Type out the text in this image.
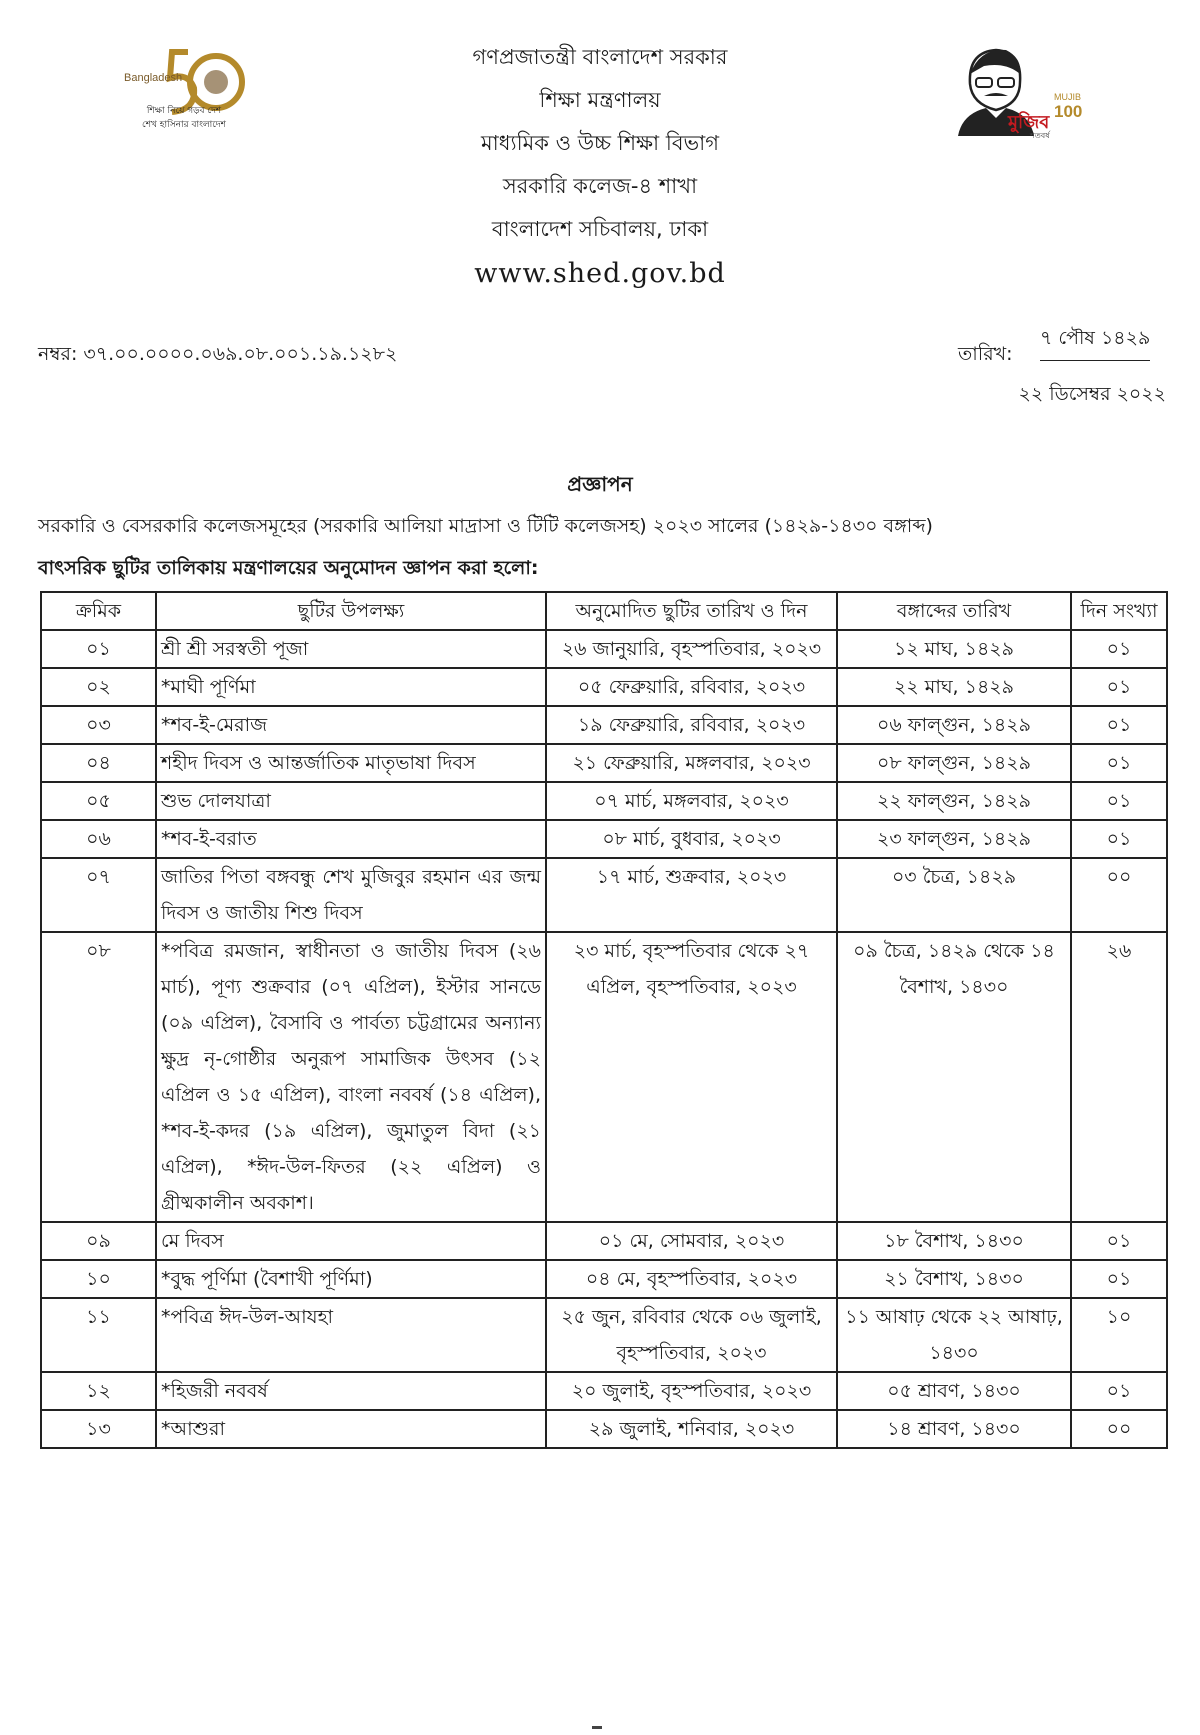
Bangladesh
শিক্ষা নিয়ে গড়ব দেশ
শেখ হাসিনার বাংলাদেশ
MUJIB
মুজিব
100
শতবর্ষ
গণপ্রজাতন্ত্রী বাংলাদেশ সরকার
শিক্ষা মন্ত্রণালয়
মাধ্যমিক ও উচ্চ শিক্ষা বিভাগ
সরকারি কলেজ-৪ শাখা
বাংলাদেশ সচিবালয়, ঢাকা
www.shed.gov.bd
নম্বর: ৩৭.০০.০০০০.০৬৯.০৮.০০১.১৯.১২৮২	তারিখ:
৭ পৌষ ১৪২৯
২২ ডিসেম্বর ২০২২
প্রজ্ঞাপন
সরকারি ও বেসরকারি কলেজসমূহের (সরকারি আলিয়া মাদ্রাসা ও টিটি কলেজসহ) ২০২৩ সালের (১৪২৯-১৪৩০ বঙ্গাব্দ)
বাৎসরিক ছুটির তালিকায় মন্ত্রণালয়ের অনুমোদন জ্ঞাপন করা হলো:
ক্রমিক	ছুটির উপলক্ষ্য	অনুমোদিত ছুটির তারিখ ও দিন	বঙ্গাব্দের তারিখ	দিন সংখ্যা
০১	শ্রী শ্রী সরস্বতী পূজা	২৬ জানুয়ারি, বৃহস্পতিবার, ২০২৩	১২ মাঘ, ১৪২৯	০১
০২	*মাঘী পূর্ণিমা	০৫ ফেব্রুয়ারি, রবিবার, ২০২৩	২২ মাঘ, ১৪২৯	০১
০৩	*শব-ই-মেরাজ	১৯ ফেব্রুয়ারি, রবিবার, ২০২৩	০৬ ফাল্গুন, ১৪২৯	০১
০৪	শহীদ দিবস ও আন্তর্জাতিক মাতৃভাষা দিবস	২১ ফেব্রুয়ারি, মঙ্গলবার, ২০২৩	০৮ ফাল্গুন, ১৪২৯	০১
০৫	শুভ দোলযাত্রা	০৭ মার্চ, মঙ্গলবার, ২০২৩	২২ ফাল্গুন, ১৪২৯	০১
০৬	*শব-ই-বরাত	০৮ মার্চ, বুধবার, ২০২৩	২৩ ফাল্গুন, ১৪২৯	০১
০৭	জাতির পিতা বঙ্গবন্ধু শেখ মুজিবুর রহমান এর জন্ম দিবস ও জাতীয় শিশু দিবস	১৭ মার্চ, শুক্রবার, ২০২৩	০৩ চৈত্র, ১৪২৯	০০
০৮	*পবিত্র রমজান, স্বাধীনতা ও জাতীয় দিবস (২৬ মার্চ), পূণ্য শুক্রবার (০৭ এপ্রিল), ইস্টার সানডে (০৯ এপ্রিল), বৈসাবি ও পার্বত্য চট্টগ্রামের অন্যান্য ক্ষুদ্র নৃ-গোষ্ঠীর অনুরূপ সামাজিক উৎসব (১২ এপ্রিল ও ১৫ এপ্রিল), বাংলা নববর্ষ (১৪ এপ্রিল), *শব-ই-কদর (১৯ এপ্রিল), জুমাতুল বিদা (২১ এপ্রিল), *ঈদ-উল-ফিতর (২২ এপ্রিল) ও গ্রীষ্মকালীন অবকাশ।	২৩ মার্চ, বৃহস্পতিবার থেকে ২৭ এপ্রিল, বৃহস্পতিবার, ২০২৩	০৯ চৈত্র, ১৪২৯ থেকে ১৪ বৈশাখ, ১৪৩০	২৬
০৯	মে দিবস	০১ মে, সোমবার, ২০২৩	১৮ বৈশাখ, ১৪৩০	০১
১০	*বুদ্ধ পূর্ণিমা (বৈশাখী পূর্ণিমা)	০৪ মে, বৃহস্পতিবার, ২০২৩	২১ বৈশাখ, ১৪৩০	০১
১১	*পবিত্র ঈদ-উল-আযহা	২৫ জুন, রবিবার থেকে ০৬ জুলাই, বৃহস্পতিবার, ২০২৩	১১ আষাঢ় থেকে ২২ আষাঢ়, ১৪৩০	১০
১২	*হিজরী নববর্ষ	২০ জুলাই, বৃহস্পতিবার, ২০২৩	০৫ শ্রাবণ, ১৪৩০	০১
১৩	*আশুরা	২৯ জুলাই, শনিবার, ২০২৩	১৪ শ্রাবণ, ১৪৩০	০০
